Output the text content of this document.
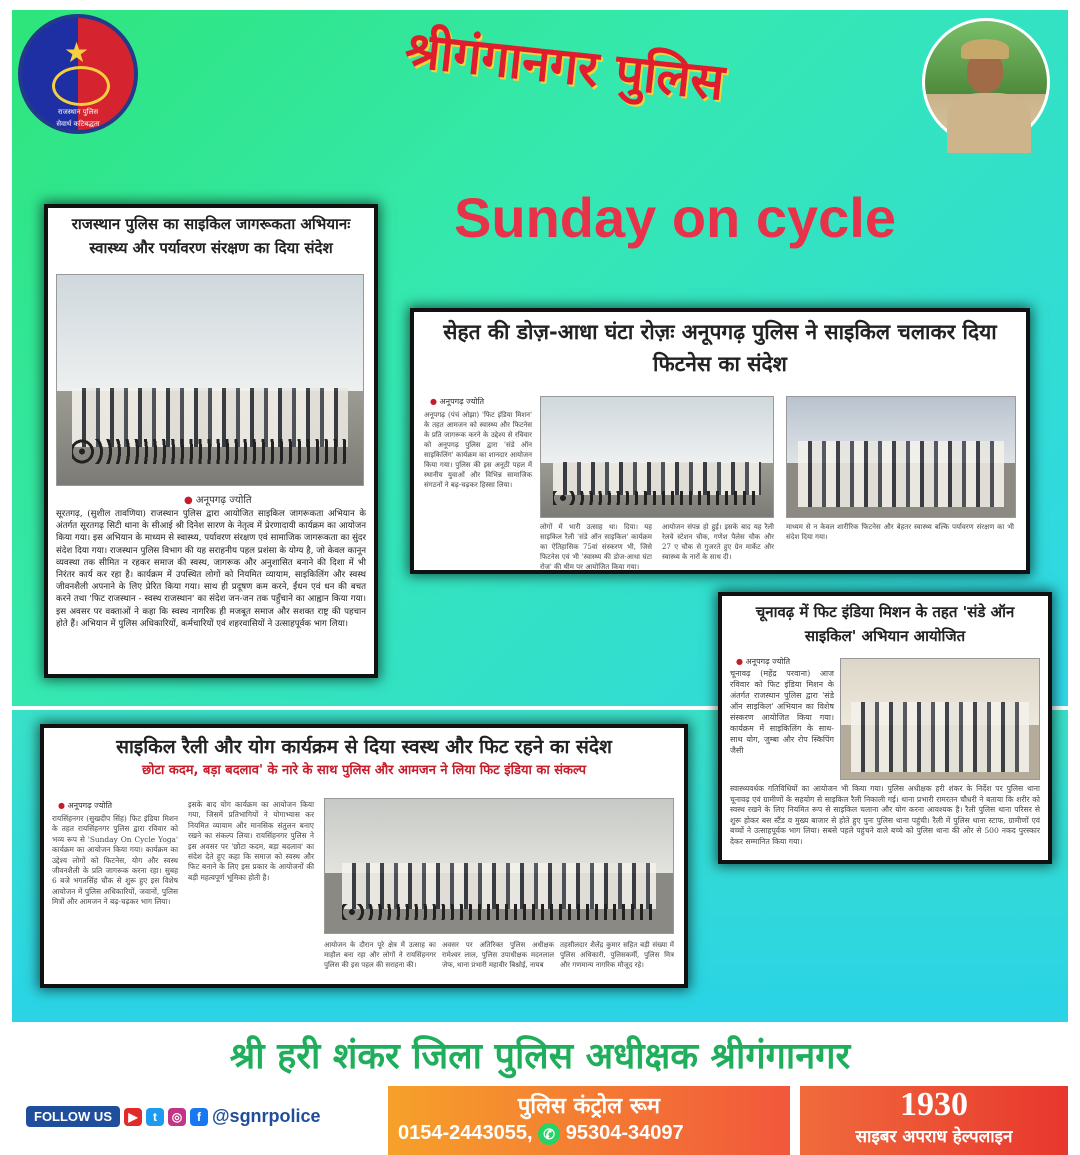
★
राजस्थान पुलिस
सेवार्थ कटिबद्धता
श्रीगंगानगर पुलिस
Sunday on cycle
राजस्थान पुलिस का साइकिल जागरूकता अभियानः स्वास्थ्य और पर्यावरण संरक्षण का दिया संदेश
● अनूपगढ़ ज्योति
सूरतगढ़, (सुशील तावणिया) राजस्थान पुलिस द्वारा आयोजित साइकिल जागरूकता अभियान के अंतर्गत सूरतगढ़ सिटी थाना के सीआई श्री दिनेश सारण के नेतृत्व में प्रेरणादायी कार्यक्रम का आयोजन किया गया। इस अभियान के माध्यम से स्वास्थ्य, पर्यावरण संरक्षण एवं सामाजिक जागरूकता का सुंदर संदेश दिया गया। राजस्थान पुलिस विभाग की यह सराहनीय पहल प्रशंसा के योग्य है, जो केवल कानून व्यवस्था तक सीमित न रहकर समाज की स्वस्थ, जागरूक और अनुशासित बनाने की दिशा में भी निरंतर कार्य कर रहा है। कार्यक्रम में उपस्थित लोगों को नियमित व्यायाम, साइकिलिंग और स्वस्थ जीवनशैली अपनाने के लिए प्रेरित किया गया। साथ ही प्रदूषण कम करने, ईंधन एवं धन की बचत करने तथा 'फिट राजस्थान - स्वस्थ राजस्थान' का संदेश जन-जन तक पहुँचाने का आह्वान किया गया। इस अवसर पर वक्ताओं ने कहा कि स्वस्थ नागरिक ही मजबूत समाज और सशक्त राष्ट्र की पहचान होते हैं। अभियान में पुलिस अधिकारियों, कर्मचारियों एवं शहरवासियों ने उत्साहपूर्वक भाग लिया।
सेहत की डोज़-आधा घंटा रोज़ः अनूपगढ़ पुलिस ने साइकिल चलाकर दिया फिटनेस का संदेश
● अनूपगढ़ ज्योति
अनूपगढ़ (पंचं ओझा) 'फिट इंडिया मिशन' के तहत आमजन को स्वास्थ्य और फिटनेस के प्रति जागरूक करने के उद्देश्य से रविवार को अनूपगढ़ पुलिस द्वारा 'संडे ऑन साइकिलिंग' कार्यक्रम का शानदार आयोजन किया गया। पुलिस की इस अनूठी पहल में स्थानीय युवाओं और विभिन्न सामाजिक संगठनों ने बढ़-चढ़कर हिस्सा लिया।
लोगों में भारी उत्साह था। दिया। यह साइकिल रैली 'संडे ऑन साइकिल' कार्यक्रम का ऐतिहासिक 75वां संस्करण भी, जिसे फिटनेस एवं भी 'स्वास्थ्य की डोज-आधा घंटा रोज' की थीम पर आयोजित किया गया।
आयोजन संपन्न हो हुई। इसके बाद यह रैली रेलवे स्टेशन चौक, गणेश पैलेस चौक और 27 ए चौक से गुजरते हुए ग्रेन मार्केट और स्वास्थ्य के नारों के साथ दी।
माध्यम से न केवल शारीरिक फिटनेस और बेहतर स्वास्थ्य बल्कि पर्यावरण संरक्षण का भी संदेश दिया गया।
चूनावढ़ में फिट इंडिया मिशन के तहत 'संडे ऑन साइकिल' अभियान आयोजित
● अनूपगढ़ ज्योति
चूनावढ़ (महेंद्र परवाना) आज रविवार को फिट इंडिया मिशन के अंतर्गत राजस्थान पुलिस द्वारा 'संडे ऑन साइकिल' अभियान का विशेष संस्करण आयोजित किया गया। कार्यक्रम में साइकिलिंग के साथ-साथ योग, जुम्बा और रोप स्किपिंग जैसी
स्वास्थ्यवर्धक गतिविधियों का आयोजन भी किया गया। पुलिस अधीक्षक हरी शंकर के निर्देश पर पुलिस थाना चूनावढ़ एवं ग्रामीणों के सहयोग से साइकिल रैली निकाली गई। थाना प्रभारी रामरतन चौधरी ने बताया कि शरीर को स्वस्थ रखने के लिए नियमित रूप से साइकिल चलाना और योग करना आवश्यक है। रैली पुलिस थाना परिसर से शुरू होकर बस स्टैंड व मुख्य बाजार से होते हुए पुनः पुलिस थाना पहुंची। रैली में पुलिस थाना स्टाफ, ग्रामीणों एवं बच्चों ने उत्साहपूर्वक भाग लिया। सबसे पहले पहुंचने वाले बच्चे को पुलिस थाना की ओर से 500 नकद पुरस्कार देकर सम्मानित किया गया।
साइकिल रैली और योग कार्यक्रम से दिया स्वस्थ और फिट रहने का संदेश
छोटा कदम, बड़ा बदलाव' के नारे के साथ पुलिस और आमजन ने लिया फिट इंडिया का संकल्प
● अनूपगढ़ ज्योति
रायसिंहनगर (सुखदीप सिंह) फिट इंडिया मिशन के तहत रायसिंहनगर पुलिस द्वारा रविवार को भव्य रूप से 'Sunday On Cycle Yoga' कार्यक्रम का आयोजन किया गया। कार्यक्रम का उद्देश्य लोगों को फिटनेस, योग और स्वस्थ जीवनशैली के प्रति जागरूक करना रहा। सुबह 6 बजे भगतसिंह चौक से शुरू हुए इस विशेष आयोजन में पुलिस अधिकारियों, जवानों, पुलिस मित्रों और आमजन ने बढ़-चढ़कर भाग लिया।
इसके बाद योग कार्यक्रम का आयोजन किया गया, जिसमें प्रतिभागियों ने योगाभ्यास कर नियमित व्यायाम और मानसिक संतुलन बनाए रखने का संकल्प लिया। रायसिंहनगर पुलिस ने इस अवसर पर 'छोटा कदम, बड़ा बदलाव' का संदेश देते हुए कहा कि समाज को स्वस्थ और फिट बनाने के लिए इस प्रकार के आयोजनों की बड़ी महत्वपूर्ण भूमिका होती है।
आयोजन के दौरान पूरे क्षेत्र में उत्साह का माहौल बना रहा और लोगों ने रायसिंहनगर पुलिस की इस पहल की सराहना की।
अवसर पर अतिरिक्त पुलिस अधीक्षक रामेश्वर लाल, पुलिस उपाधीक्षक मदनलाल जेफ, थाना प्रभारी महावीर बिश्नोई, नायब
तहसीलदार शैलेंद्र कुमार सहित बड़ी संख्या में पुलिस अधिकारी, पुलिसकर्मी, पुलिस मित्र और गणमान्य नागरिक मौजूद रहे।
श्री हरी शंकर जिला पुलिस अधीक्षक श्रीगंगानगर
FOLLOW US	▶	t	◎	f @sgnrpolice	पुलिस कंट्रोल रूम
0154-2443055, ✆ 95304-34097
1930
साइबर अपराध हेल्पलाइन
